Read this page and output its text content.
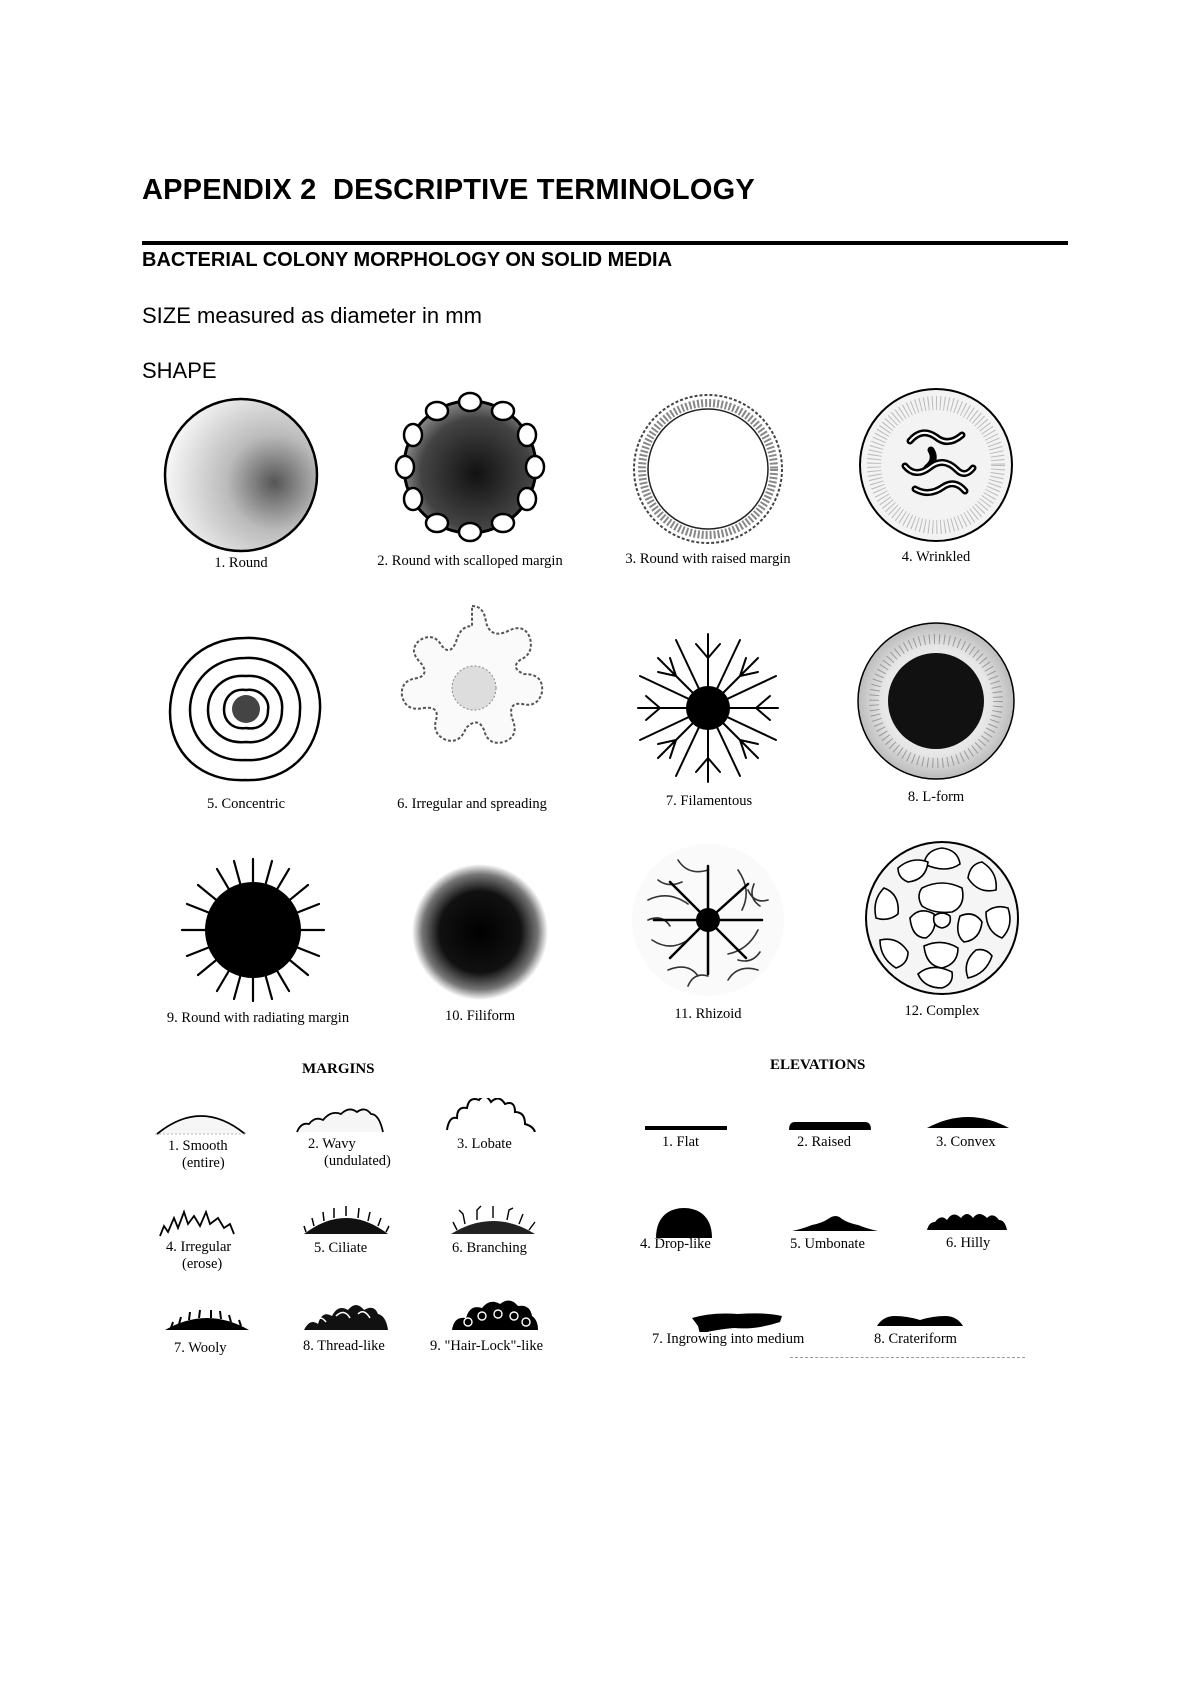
APPENDIX 2  DESCRIPTIVE TERMINOLOGY
BACTERIAL COLONY MORPHOLOGY ON SOLID MEDIA
SIZE measured as diameter in mm
SHAPE
1. Round	2. Round with scalloped margin	3. Round with raised margin	4. Wrinkled
5. Concentric	6. Irregular and spreading	7. Filamentous	8. L-form
9. Round with radiating margin	10. Filiform	11. Rhizoid	12. Complex
MARGINS
1. Smooth
(entire)
2. Wavy
(undulated)
3. Lobate
4. Irregular
(erose)
5. Ciliate	6. Branching
7. Wooly	8. Thread-like	9. "Hair-Lock"-like
ELEVATIONS
1. Flat	2. Raised	3. Convex
4. Drop-like	5. Umbonate	6. Hilly
7. Ingrowing into medium	8. Crateriform
